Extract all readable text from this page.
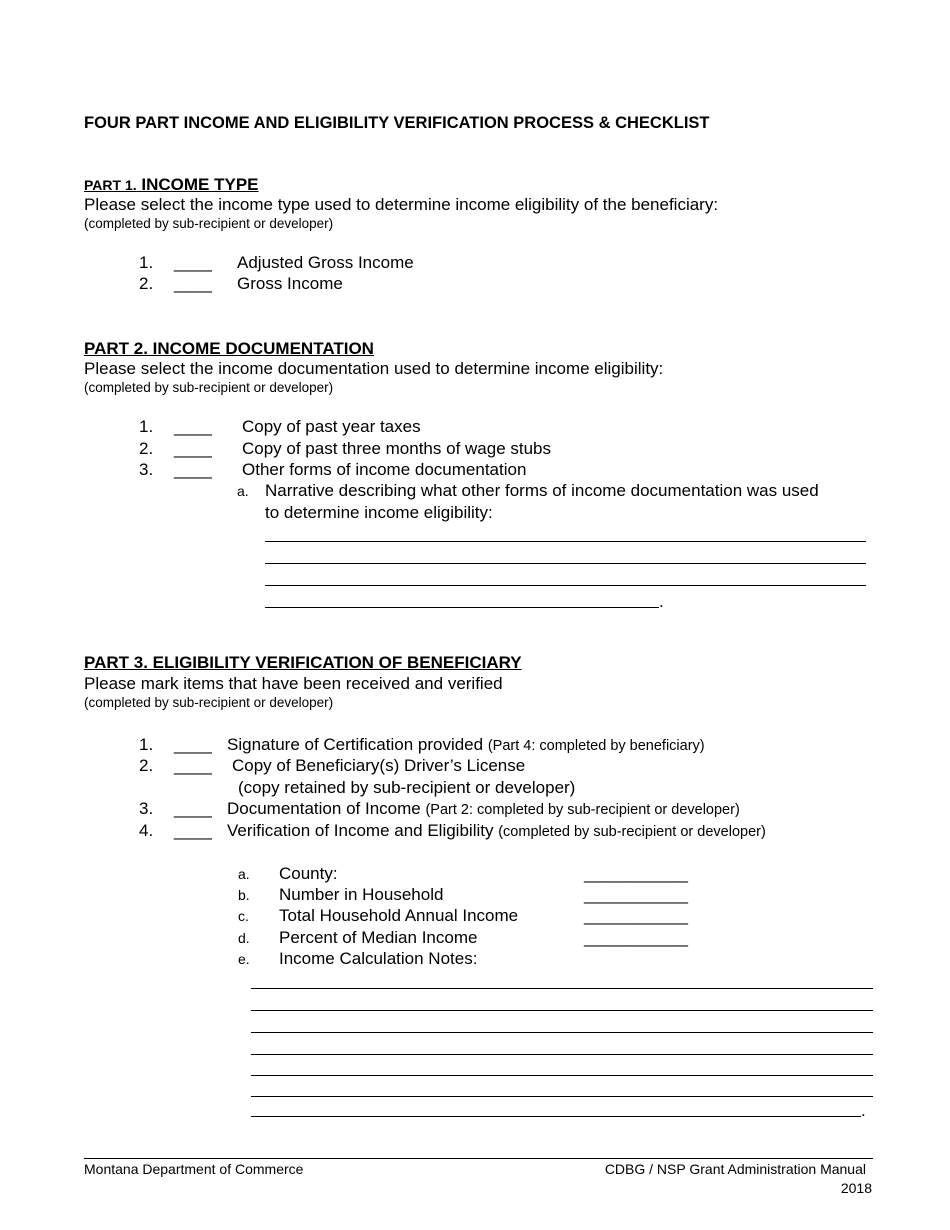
FOUR PART INCOME AND ELIGIBILITY VERIFICATION PROCESS & CHECKLIST
PART 1. INCOME TYPE
Please select the income type used to determine income eligibility of the beneficiary:
(completed by sub-recipient or developer)
1. ____ Adjusted Gross Income
2. ____ Gross Income
PART 2. INCOME DOCUMENTATION
Please select the income documentation used to determine income eligibility:
(completed by sub-recipient or developer)
1. ____ Copy of past year taxes
2. ____ Copy of past three months of wage stubs
3. ____ Other forms of income documentation
a. Narrative describing what other forms of income documentation was used
to determine income eligibility:
.
PART 3. ELIGIBILITY VERIFICATION OF BENEFICIARY
Please mark items that have been received and verified
(completed by sub-recipient or developer)
1. ____ Signature of Certification provided (Part 4: completed by beneficiary)
2. ____ Copy of Beneficiary(s) Driver’s License
(copy retained by sub-recipient or developer)
3. ____ Documentation of Income (Part 2: completed by sub-recipient or developer)
4. ____ Verification of Income and Eligibility (completed by sub-recipient or developer)
a. County:	___________
b. Number in Household	___________
c. Total Household Annual Income	___________
d. Percent of Median Income	___________
e. Income Calculation Notes:
.
Montana Department of Commerce	CDBG / NSP Grant Administration Manual
2018
